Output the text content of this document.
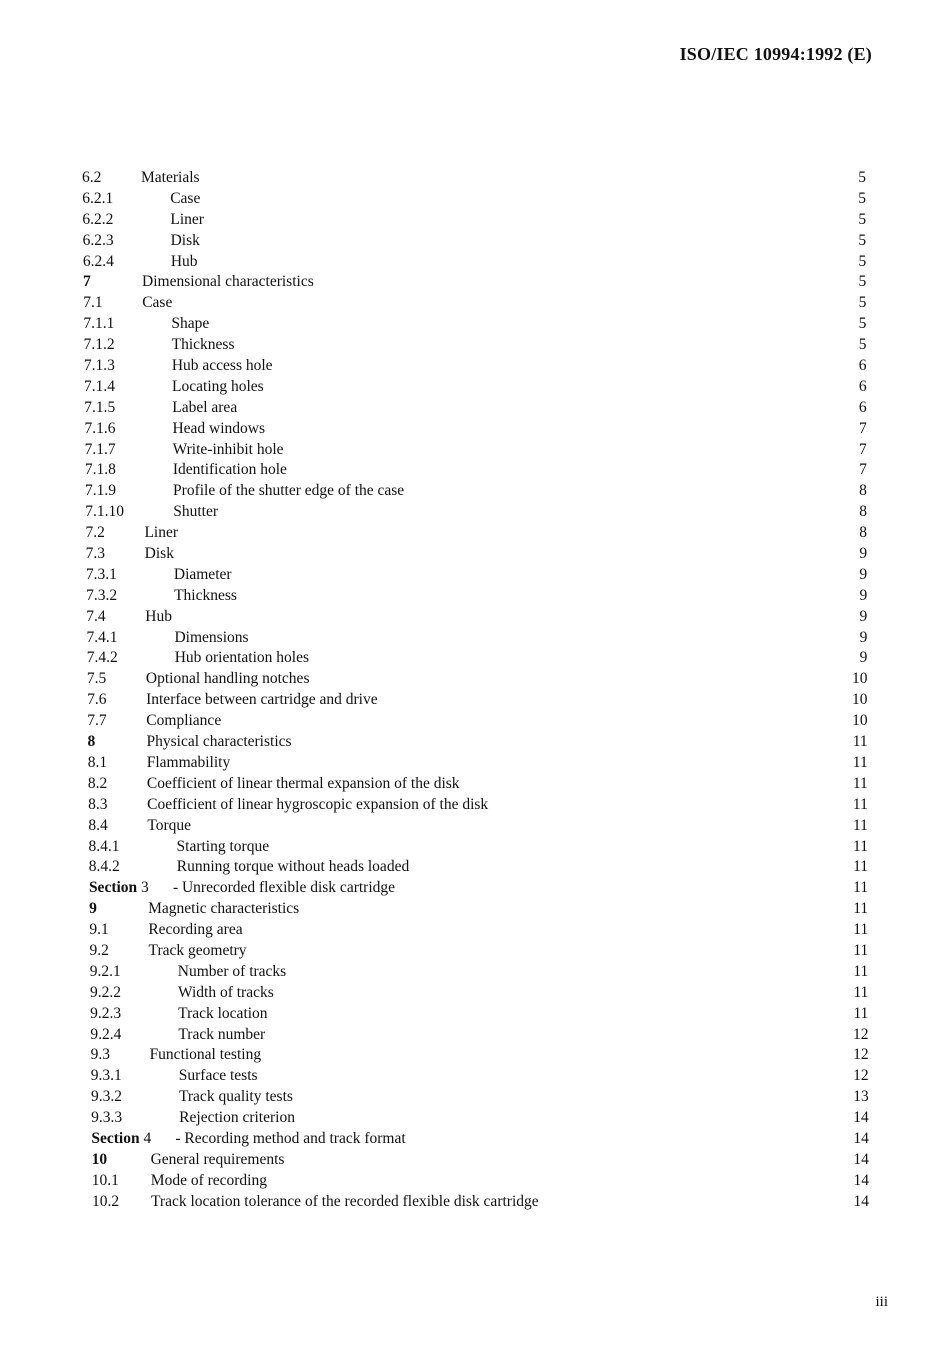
ISO/IEC 10994:1992 (E)
6.2	Materials	5
6.2.1	Case	5
6.2.2	Liner	5
6.2.3	Disk	5
6.2.4	Hub	5
7	Dimensional characteristics	5
7.1	Case	5
7.1.1	Shape	5
7.1.2	Thickness	5
7.1.3	Hub access hole	6
7.1.4	Locating holes	6
7.1.5	Label area	6
7.1.6	Head windows	7
7.1.7	Write-inhibit hole	7
7.1.8	Identification hole	7
7.1.9	Profile of the shutter edge of the case	8
7.1.10	Shutter	8
7.2	Liner	8
7.3	Disk	9
7.3.1	Diameter	9
7.3.2	Thickness	9
7.4	Hub	9
7.4.1	Dimensions	9
7.4.2	Hub orientation holes	9
7.5	Optional handling notches	10
7.6	Interface between cartridge and drive	10
7.7	Compliance	10
8	Physical characteristics	11
8.1	Flammability	11
8.2	Coefficient of linear thermal expansion of the disk	11
8.3	Coefficient of linear hygroscopic expansion of the disk	11
8.4	Torque	11
8.4.1	Starting torque	11
8.4.2	Running torque without heads loaded	11
Section 3 - Unrecorded flexible disk cartridge	11
9	Magnetic characteristics	11
9.1	Recording area	11
9.2	Track geometry	11
9.2.1	Number of tracks	11
9.2.2	Width of tracks	11
9.2.3	Track location	11
9.2.4	Track number	12
9.3	Functional testing	12
9.3.1	Surface tests	12
9.3.2	Track quality tests	13
9.3.3	Rejection criterion	14
Section 4 - Recording method and track format	14
10	General requirements	14
10.1 Mode of recording	14
10.2 Track location tolerance of the recorded flexible disk cartridge	14
iii
